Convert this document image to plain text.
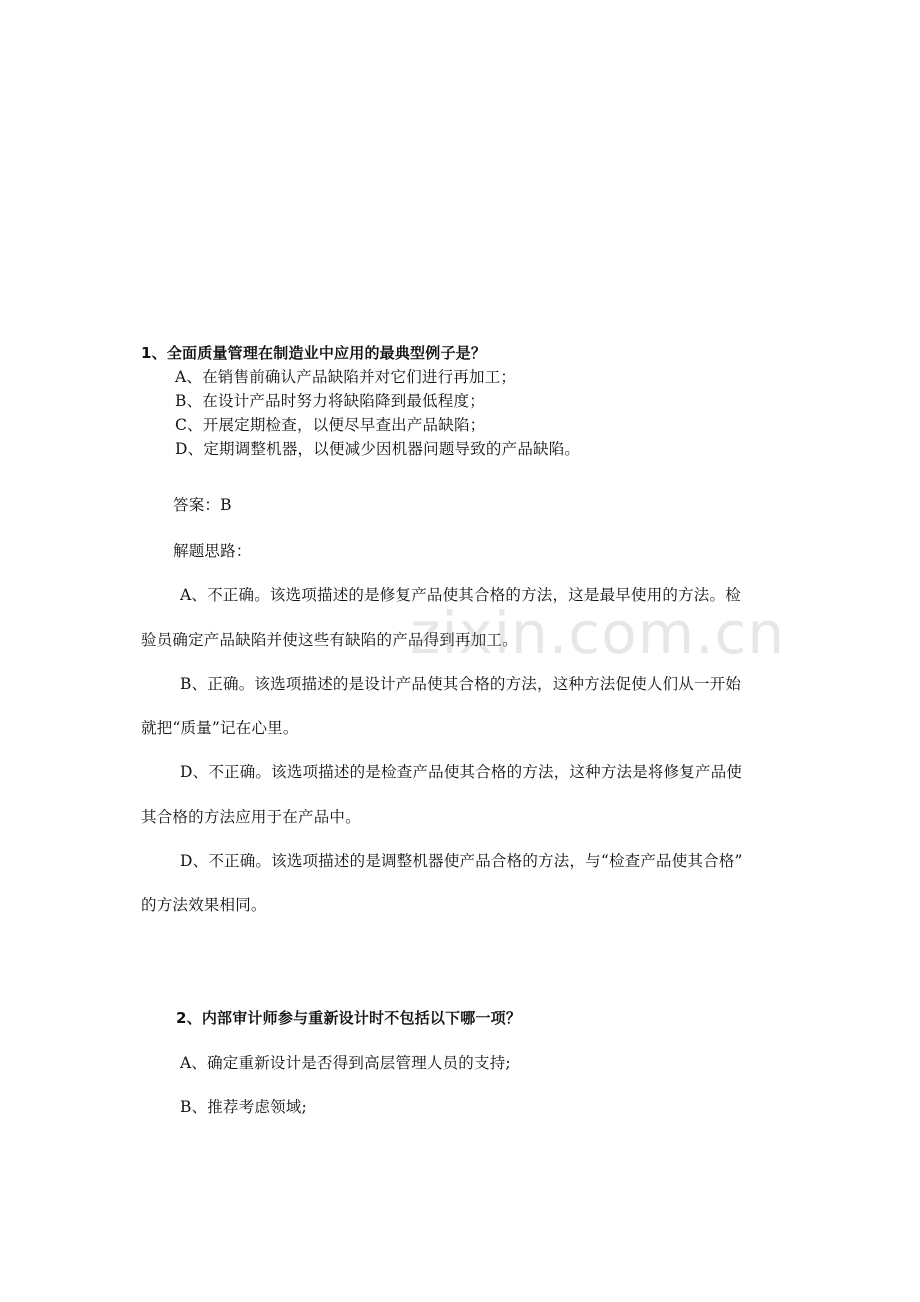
1、全面质量管理在制造业中应用的最典型例子是？
A、在销售前确认产品缺陷并对它们进行再加工；
B、在设计产品时努力将缺陷降到最低程度；
C、开展定期检查，以便尽早查出产品缺陷；
D、定期调整机器，以便减少因机器问题导致的产品缺陷。
答案：B
解题思路：
A、不正确。该选项描述的是修复产品使其合格的方法，这是最早使用的方法。检
验员确定产品缺陷并使这些有缺陷的产品得到再加工。
B、正确。该选项描述的是设计产品使其合格的方法，这种方法促使人们从一开始
就把“质量”记在心里。
D、不正确。该选项描述的是检查产品使其合格的方法，这种方法是将修复产品使
其合格的方法应用于在产品中。
D、不正确。该选项描述的是调整机器使产品合格的方法，与“检查产品使其合格”
的方法效果相同。
2、内部审计师参与重新设计时不包括以下哪一项？
A、确定重新设计是否得到高层管理人员的支持;
B、推荐考虑领域;
zixin.com.cn
